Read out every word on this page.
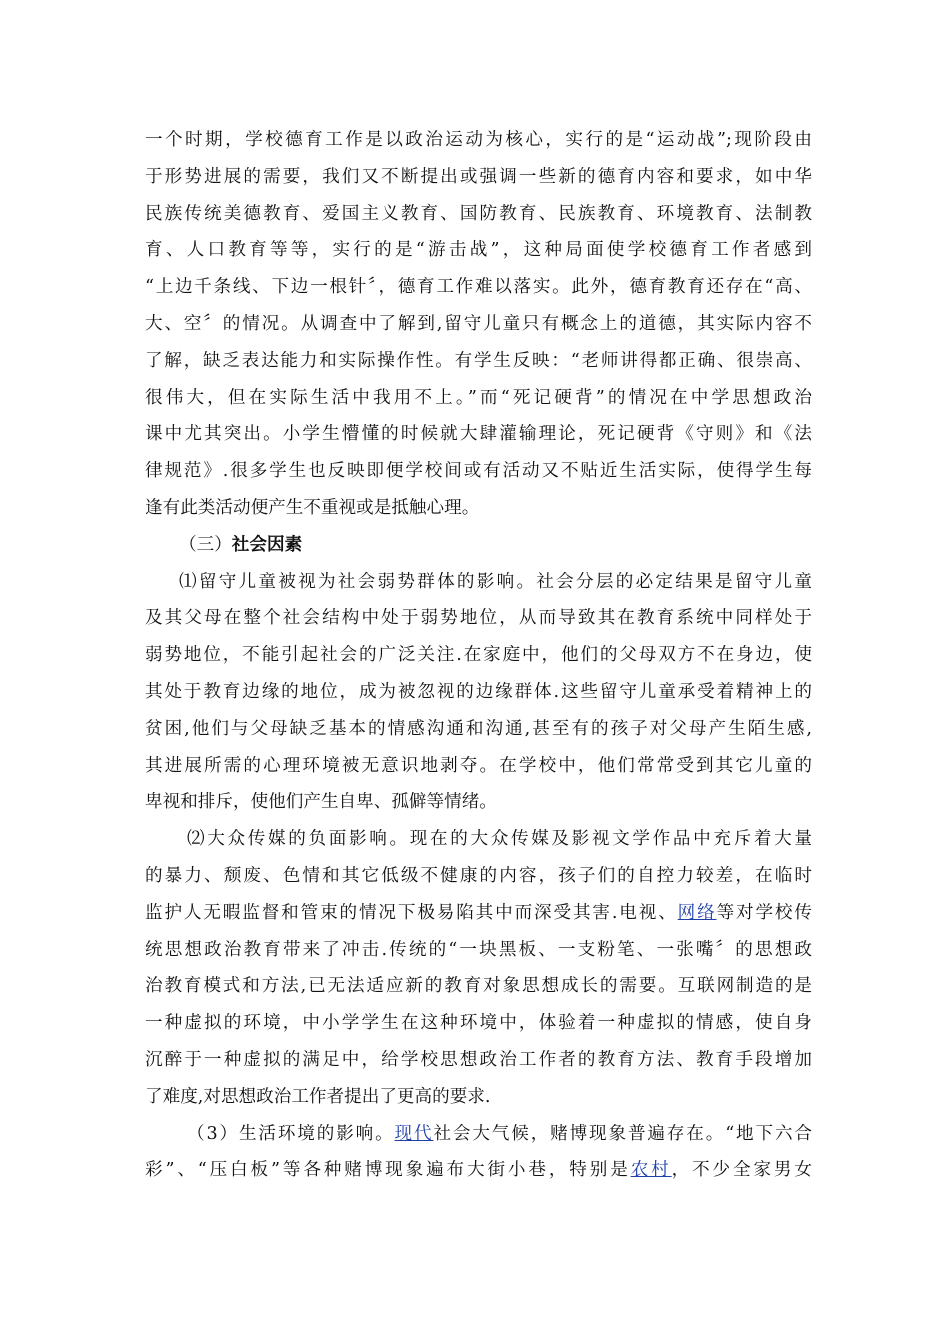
一个时期，学校德育工作是以政治运动为核心，实行的是“运动战”;现阶段由
于形势进展的需要，我们又不断提出或强调一些新的德育内容和要求，如中华
民族传统美德教育、爱国主义教育、国防教育、民族教育、环境教育、法制教
育、人口教育等等，实行的是“游击战”，这种局面使学校德育工作者感到
“上边千条线、下边一根针〞，德育工作难以落实。此外，德育教育还存在“高、
大、空〞的情况。从调查中了解到,留守儿童只有概念上的道德，其实际内容不
了解，缺乏表达能力和实际操作性。有学生反映：“老师讲得都正确、很崇高、
很伟大，但在实际生活中我用不上。”而“死记硬背”的情况在中学思想政治
课中尤其突出。小学生懵懂的时候就大肆灌输理论，死记硬背《守则》和《法
律规范》.很多学生也反映即便学校间或有活动又不贴近生活实际，使得学生每
逢有此类活动便产生不重视或是抵触心理。
（三）社会因素
⑴留守儿童被视为社会弱势群体的影响。社会分层的必定结果是留守儿童
及其父母在整个社会结构中处于弱势地位，从而导致其在教育系统中同样处于
弱势地位，不能引起社会的广泛关注.在家庭中，他们的父母双方不在身边，使
其处于教育边缘的地位，成为被忽视的边缘群体.这些留守儿童承受着精神上的
贫困,他们与父母缺乏基本的情感沟通和沟通,甚至有的孩子对父母产生陌生感,
其进展所需的心理环境被无意识地剥夺。在学校中，他们常常受到其它儿童的
卑视和排斥，使他们产生自卑、孤僻等情绪。
⑵大众传媒的负面影响。现在的大众传媒及影视文学作品中充斥着大量
的暴力、颓废、色情和其它低级不健康的内容，孩子们的自控力较差，在临时
监护人无暇监督和管束的情况下极易陷其中而深受其害.电视、网络等对学校传
统思想政治教育带来了冲击.传统的“一块黑板、一支粉笔、一张嘴〞的思想政
治教育模式和方法,已无法适应新的教育对象思想成长的需要。互联网制造的是
一种虚拟的环境，中小学学生在这种环境中，体验着一种虚拟的情感，使自身
沉醉于一种虚拟的满足中，给学校思想政治工作者的教育方法、教育手段增加
了难度,对思想政治工作者提出了更高的要求.
（3）生活环境的影响。现代社会大气候，赌博现象普遍存在。“地下六合
彩”、“压白板”等各种赌博现象遍布大街小巷，特别是农村，不少全家男女
